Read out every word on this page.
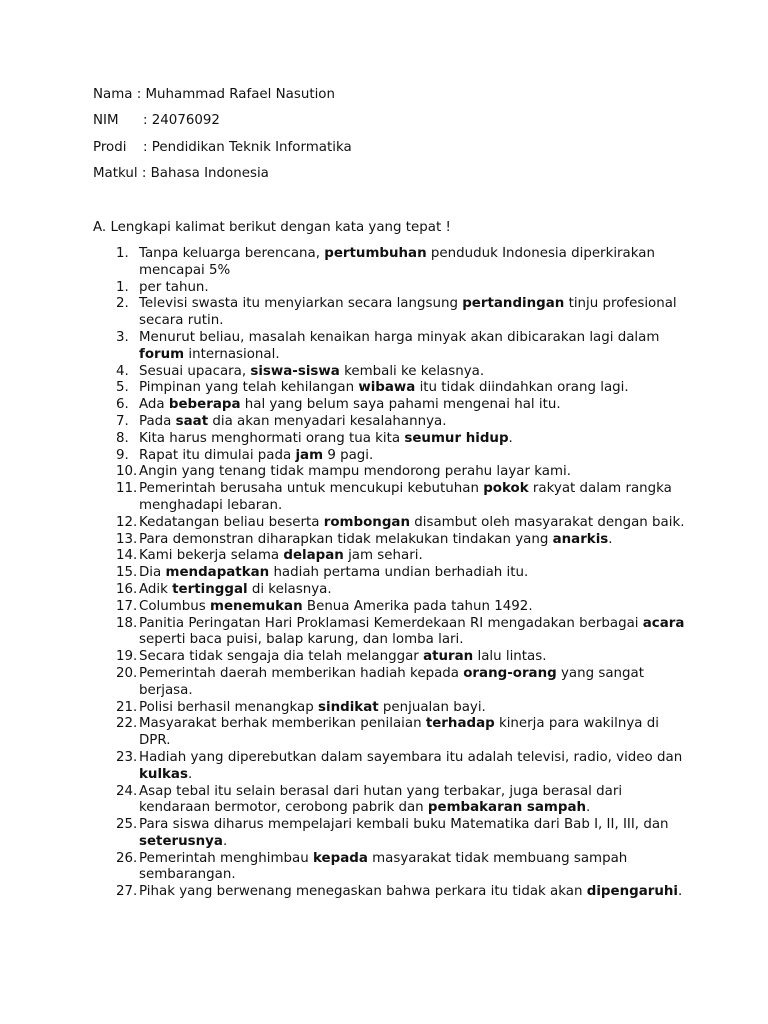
Nama : Muhammad Rafael Nasution
NIM : 24076092
Prodi : Pendidikan Teknik Informatika
Matkul : Bahasa Indonesia
A. Lengkapi kalimat berikut dengan kata yang tepat !
1. Tanpa keluarga berencana, pertumbuhan penduduk Indonesia diperkirakan mencapai 5%
1. per tahun.
2. Televisi swasta itu menyiarkan secara langsung pertandingan tinju profesional secara rutin.
3. Menurut beliau, masalah kenaikan harga minyak akan dibicarakan lagi dalam forum internasional.
4. Sesuai upacara, siswa-siswa kembali ke kelasnya.
5. Pimpinan yang telah kehilangan wibawa itu tidak diindahkan orang lagi.
6. Ada beberapa hal yang belum saya pahami mengenai hal itu.
7. Pada saat dia akan menyadari kesalahannya.
8. Kita harus menghormati orang tua kita seumur hidup.
9. Rapat itu dimulai pada jam 9 pagi.
10. Angin yang tenang tidak mampu mendorong perahu layar kami.
11. Pemerintah berusaha untuk mencukupi kebutuhan pokok rakyat dalam rangka menghadapi lebaran.
12. Kedatangan beliau beserta rombongan disambut oleh masyarakat dengan baik.
13. Para demonstran diharapkan tidak melakukan tindakan yang anarkis.
14. Kami bekerja selama delapan jam sehari.
15. Dia mendapatkan hadiah pertama undian berhadiah itu.
16. Adik tertinggal di kelasnya.
17. Columbus menemukan Benua Amerika pada tahun 1492.
18. Panitia Peringatan Hari Proklamasi Kemerdekaan RI mengadakan berbagai acara seperti baca puisi, balap karung, dan lomba lari.
19. Secara tidak sengaja dia telah melanggar aturan lalu lintas.
20. Pemerintah daerah memberikan hadiah kepada orang-orang yang sangat berjasa.
21. Polisi berhasil menangkap sindikat penjualan bayi.
22. Masyarakat berhak memberikan penilaian terhadap kinerja para wakilnya di DPR.
23. Hadiah yang diperebutkan dalam sayembara itu adalah televisi, radio, video dan kulkas.
24. Asap tebal itu selain berasal dari hutan yang terbakar, juga berasal dari kendaraan bermotor, cerobong pabrik dan pembakaran sampah.
25. Para siswa diharus mempelajari kembali buku Matematika dari Bab I, II, III, dan seterusnya.
26. Pemerintah menghimbau kepada masyarakat tidak membuang sampah sembarangan.
27. Pihak yang berwenang menegaskan bahwa perkara itu tidak akan dipengaruhi.
